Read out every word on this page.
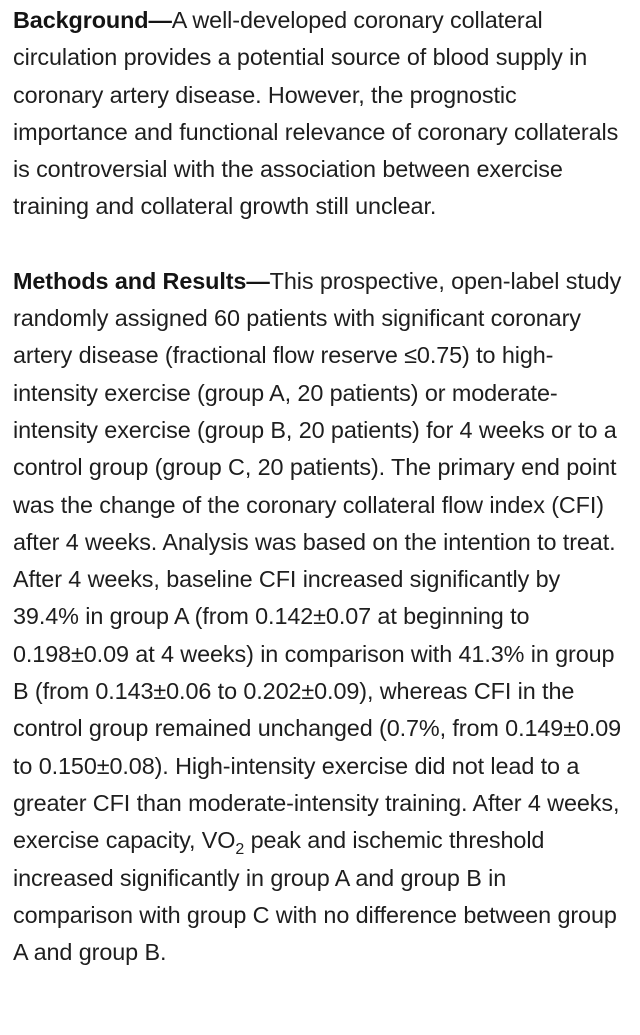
Background—A well-developed coronary collateral circulation provides a potential source of blood supply in coronary artery disease. However, the prognostic importance and functional relevance of coronary collaterals is controversial with the association between exercise training and collateral growth still unclear.

Methods and Results—This prospective, open-label study randomly assigned 60 patients with significant coronary artery disease (fractional flow reserve ≤0.75) to high-intensity exercise (group A, 20 patients) or moderate-intensity exercise (group B, 20 patients) for 4 weeks or to a control group (group C, 20 patients). The primary end point was the change of the coronary collateral flow index (CFI) after 4 weeks. Analysis was based on the intention to treat. After 4 weeks, baseline CFI increased significantly by 39.4% in group A (from 0.142±0.07 at beginning to 0.198±0.09 at 4 weeks) in comparison with 41.3% in group B (from 0.143±0.06 to 0.202±0.09), whereas CFI in the control group remained unchanged (0.7%, from 0.149±0.09 to 0.150±0.08). High-intensity exercise did not lead to a greater CFI than moderate-intensity training. After 4 weeks, exercise capacity, $VO_2$ peak and ischemic threshold increased significantly in group A and group B in comparison with group C with no difference between group A and group B.
